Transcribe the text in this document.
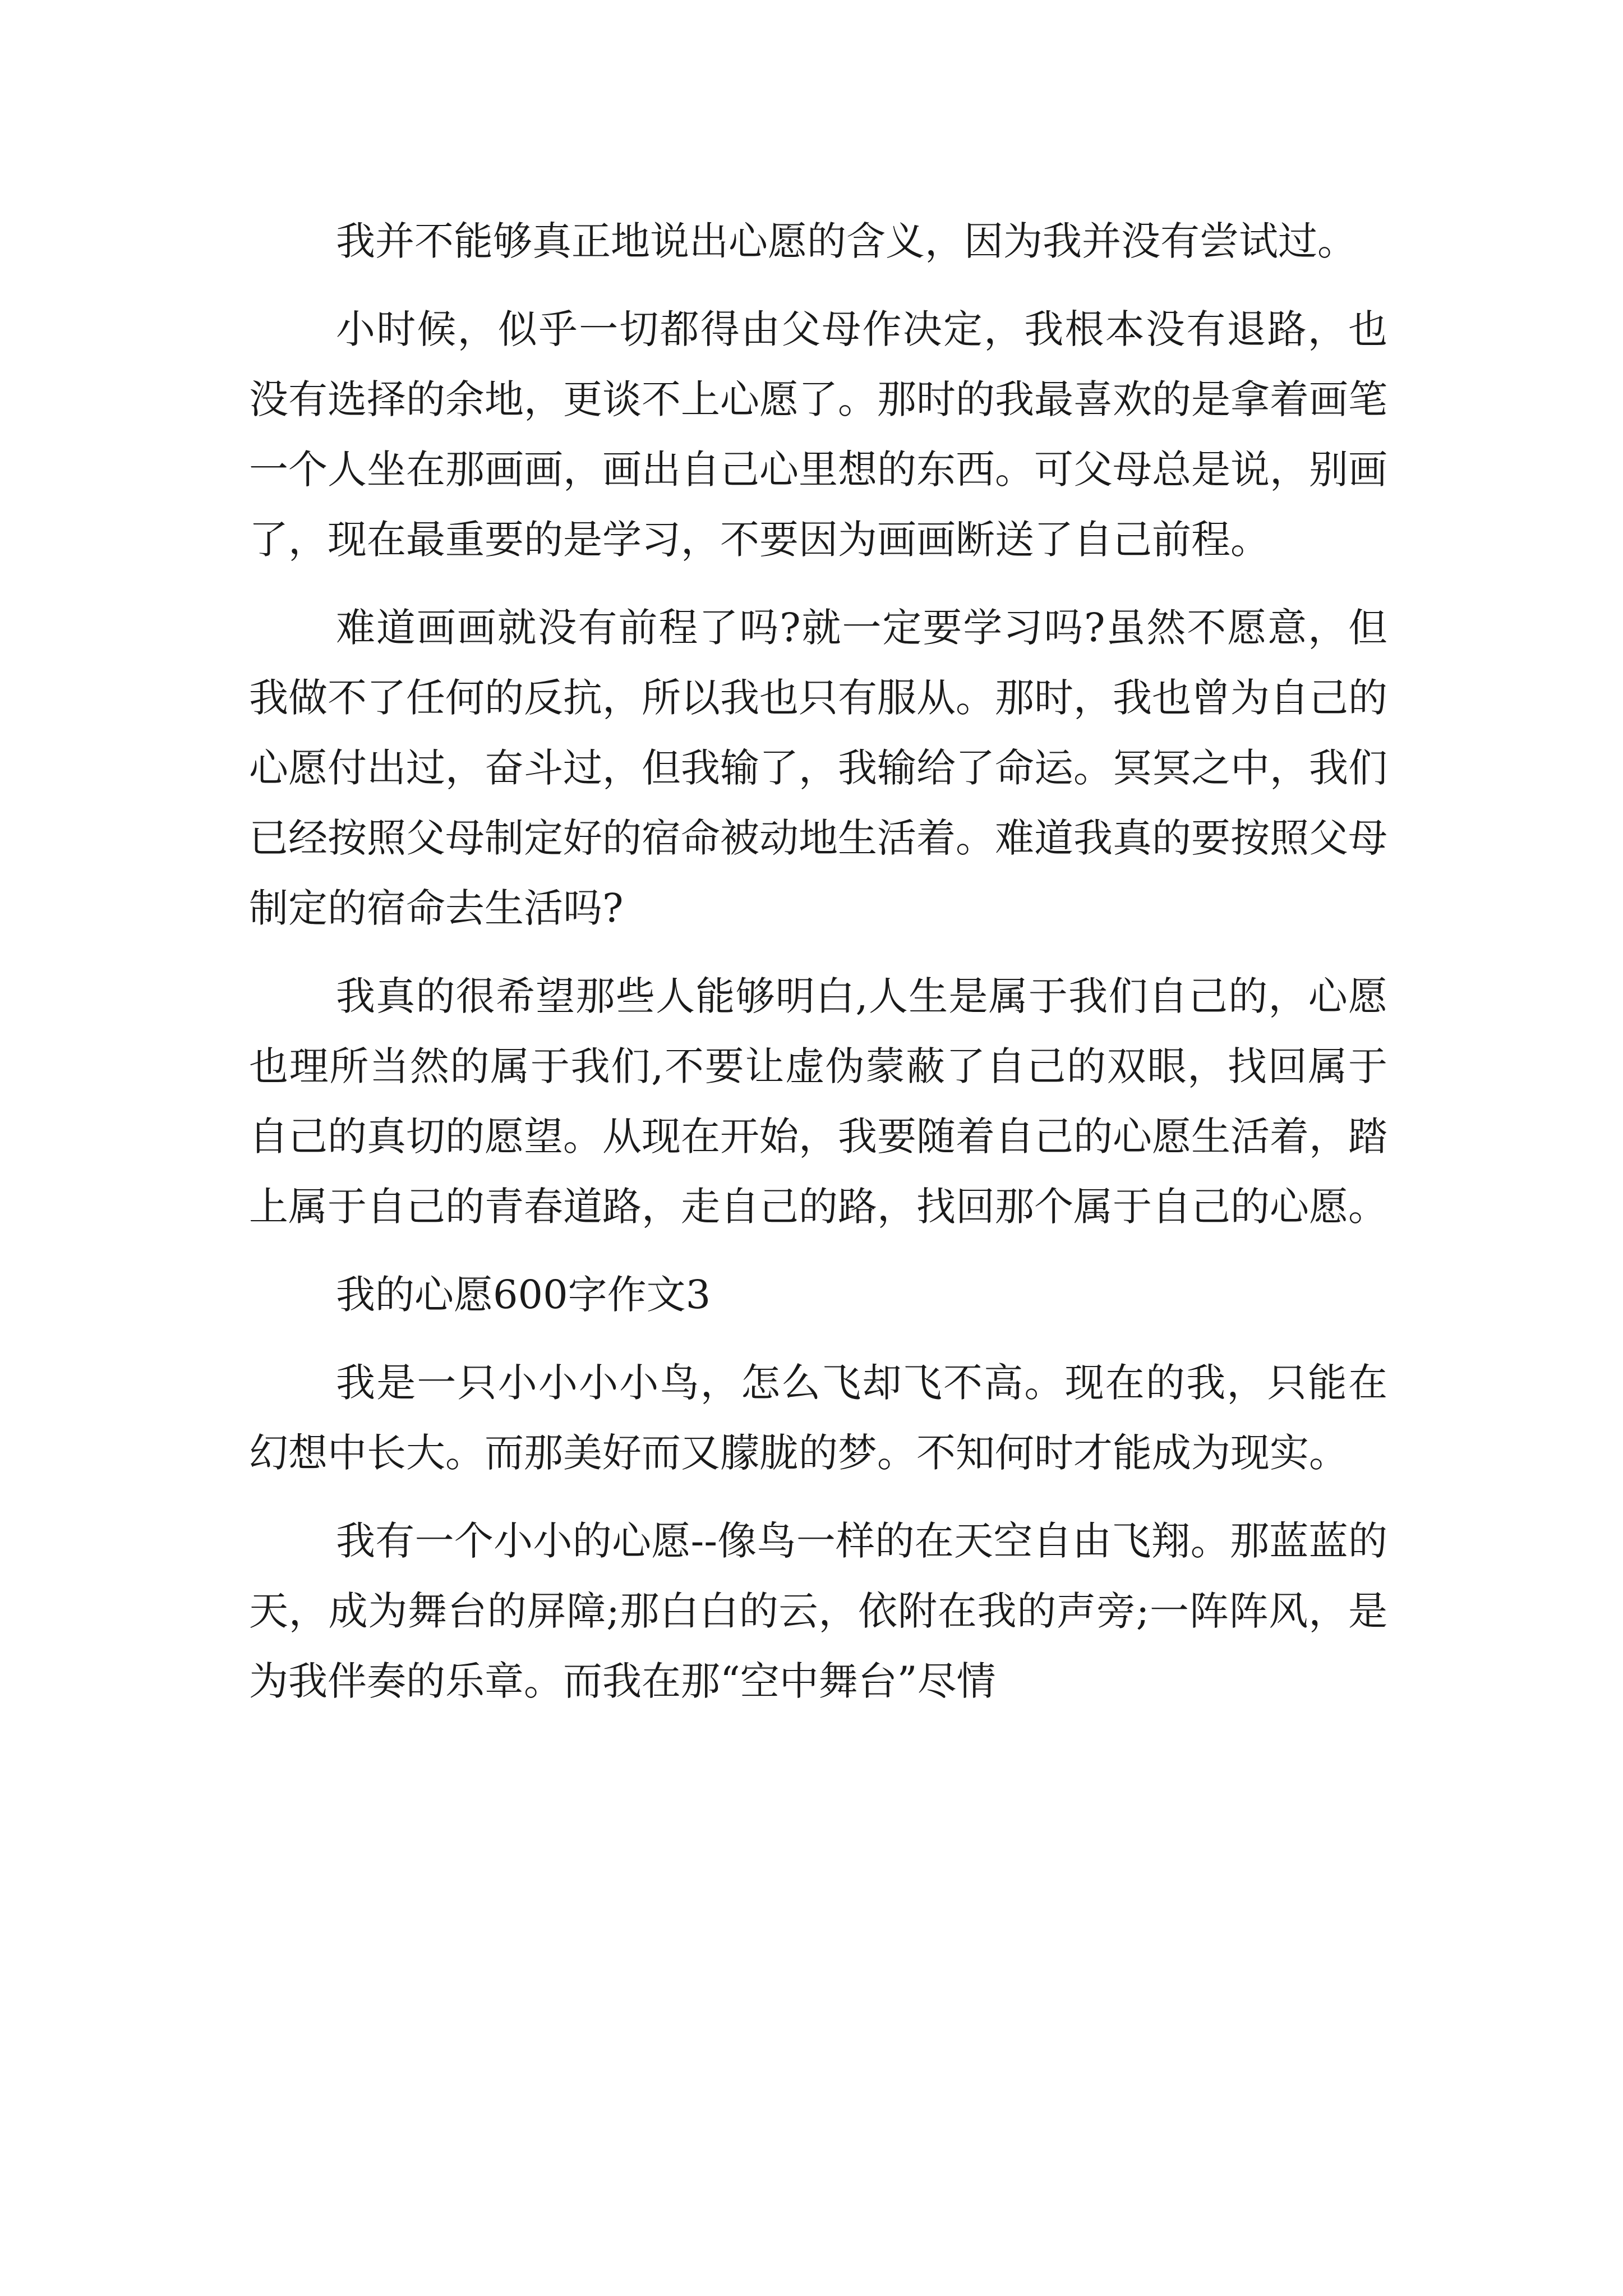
我并不能够真正地说出心愿的含义，因为我并没有尝试过。

小时候，似乎一切都得由父母作决定，我根本没有退路，也没有选择的余地，更谈不上心愿了。那时的我最喜欢的是拿着画笔一个人坐在那画画，画出自己心里想的东西。可父母总是说，别画了，现在最重要的是学习，不要因为画画断送了自己前程。

难道画画就没有前程了吗?就一定要学习吗?虽然不愿意，但我做不了任何的反抗，所以我也只有服从。那时，我也曾为自己的心愿付出过，奋斗过，但我输了，我输给了命运。冥冥之中，我们已经按照父母制定好的宿命被动地生活着。难道我真的要按照父母制定的宿命去生活吗?

我真的很希望那些人能够明白,人生是属于我们自己的，心愿也理所当然的属于我们,不要让虚伪蒙蔽了自己的双眼，找回属于自己的真切的愿望。从现在开始，我要随着自己的心愿生活着，踏上属于自己的青春道路，走自己的路，找回那个属于自己的心愿。

我的心愿600字作文3

我是一只小小小小鸟，怎么飞却飞不高。现在的我，只能在幻想中长大。而那美好而又朦胧的梦。不知何时才能成为现实。

我有一个小小的心愿--像鸟一样的在天空自由飞翔。那蓝蓝的天，成为舞台的屏障;那白白的云，依附在我的声旁;一阵阵风，是为我伴奏的乐章。而我在那“空中舞台”尽情
